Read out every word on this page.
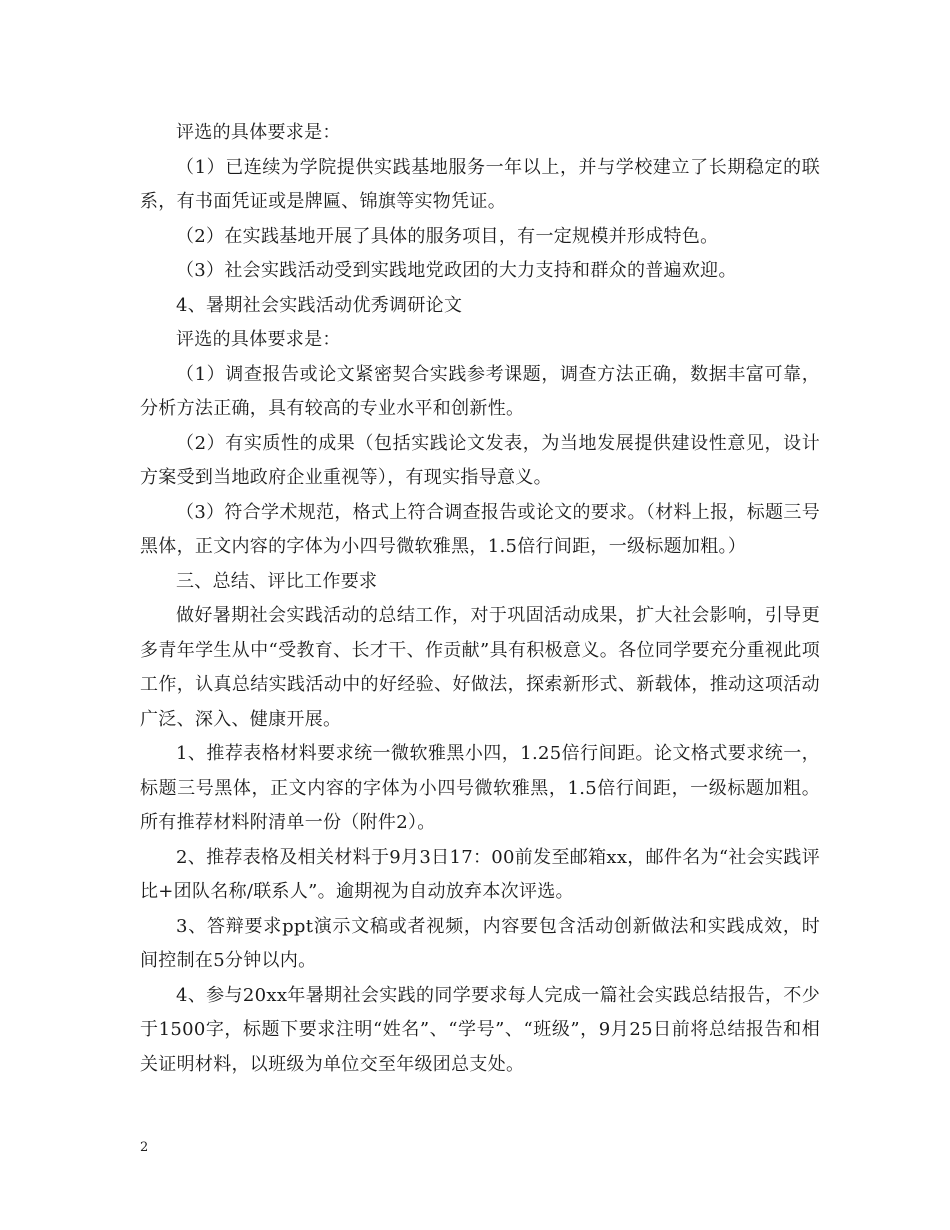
评选的具体要求是：

（1）已连续为学院提供实践基地服务一年以上，并与学校建立了长期稳定的联系，有书面凭证或是牌匾、锦旗等实物凭证。

（2）在实践基地开展了具体的服务项目，有一定规模并形成特色。

（3）社会实践活动受到实践地党政团的大力支持和群众的普遍欢迎。

4、暑期社会实践活动优秀调研论文

评选的具体要求是：

（1）调查报告或论文紧密契合实践参考课题，调查方法正确，数据丰富可靠，分析方法正确，具有较高的专业水平和创新性。

（2）有实质性的成果（包括实践论文发表，为当地发展提供建设性意见，设计方案受到当地政府企业重视等），有现实指导意义。

（3）符合学术规范，格式上符合调查报告或论文的要求。（材料上报，标题三号黑体，正文内容的字体为小四号微软雅黑，1.5倍行间距，一级标题加粗。）

三、总结、评比工作要求

做好暑期社会实践活动的总结工作，对于巩固活动成果，扩大社会影响，引导更多青年学生从中“受教育、长才干、作贡献”具有积极意义。各位同学要充分重视此项工作，认真总结实践活动中的好经验、好做法，探索新形式、新载体，推动这项活动广泛、深入、健康开展。

1、推荐表格材料要求统一微软雅黑小四，1.25倍行间距。论文格式要求统一，标题三号黑体，正文内容的字体为小四号微软雅黑，1.5倍行间距，一级标题加粗。所有推荐材料附清单一份（附件2）。

2、推荐表格及相关材料于9月3日17：00前发至邮箱xx，邮件名为“社会实践评比+团队名称/联系人”。逾期视为自动放弃本次评选。

3、答辩要求ppt演示文稿或者视频，内容要包含活动创新做法和实践成效，时间控制在5分钟以内。

4、参与20xx年暑期社会实践的同学要求每人完成一篇社会实践总结报告，不少于1500字，标题下要求注明“姓名”、“学号”、“班级”，9月25日前将总结报告和相关证明材料，以班级为单位交至年级团总支处。

2
